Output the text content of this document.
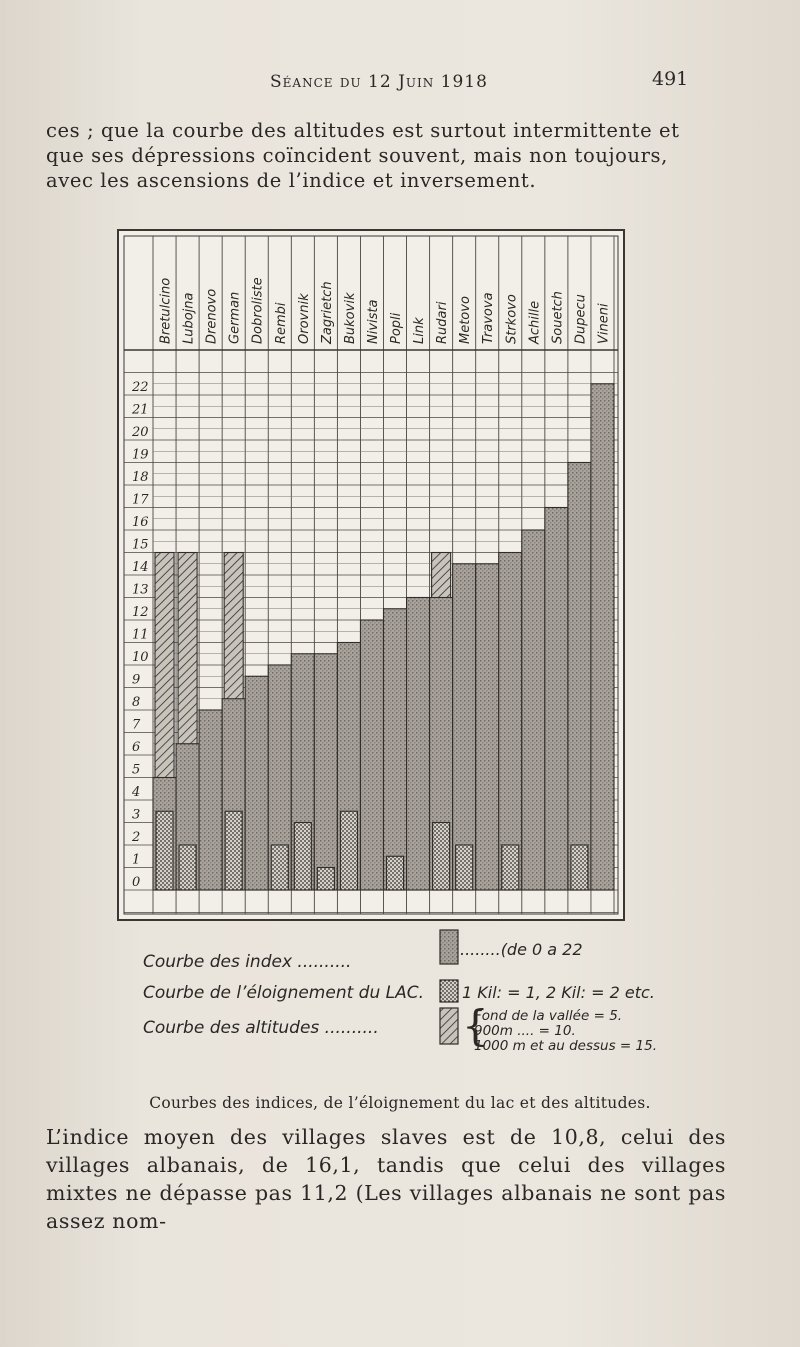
Séance du 12 Juin 1918	491
ces ; que la courbe des altitudes est surtout intermittente et que ses dépressions coïncident souvent, mais non toujours, avec les ascensions de l’indice et inversement.
0
1
2
3
4
5
6
7
8
9
10
11
12
13
14
15
16
17
18
19
20
21
22
Bretulcino Lubojna Drenovo German Dobroliste Rembi Orovnik Zagrietch Bukovik Nivista Popli Link Rudari Metovo Travova Strkovo Achille Souetch Dupecu Vineni
Courbe des index ..........
........(de 0 a 22
Courbe de l’éloignement du LAC. 1 Kil: = 1, 2 Kil: = 2 etc.
Courbe des altitudes ..........
Fond de la vallée = 5.
900m .... = 10.
1000 m et au dessus = 15.
{
Courbes des indices, de l’éloignement du lac et des altitudes.
L’indice moyen des villages slaves est de 10,8, celui des villages albanais, de 16,1, tandis que celui des villages mixtes ne dépasse pas 11,2 (Les villages albanais ne sont pas assez nom-
